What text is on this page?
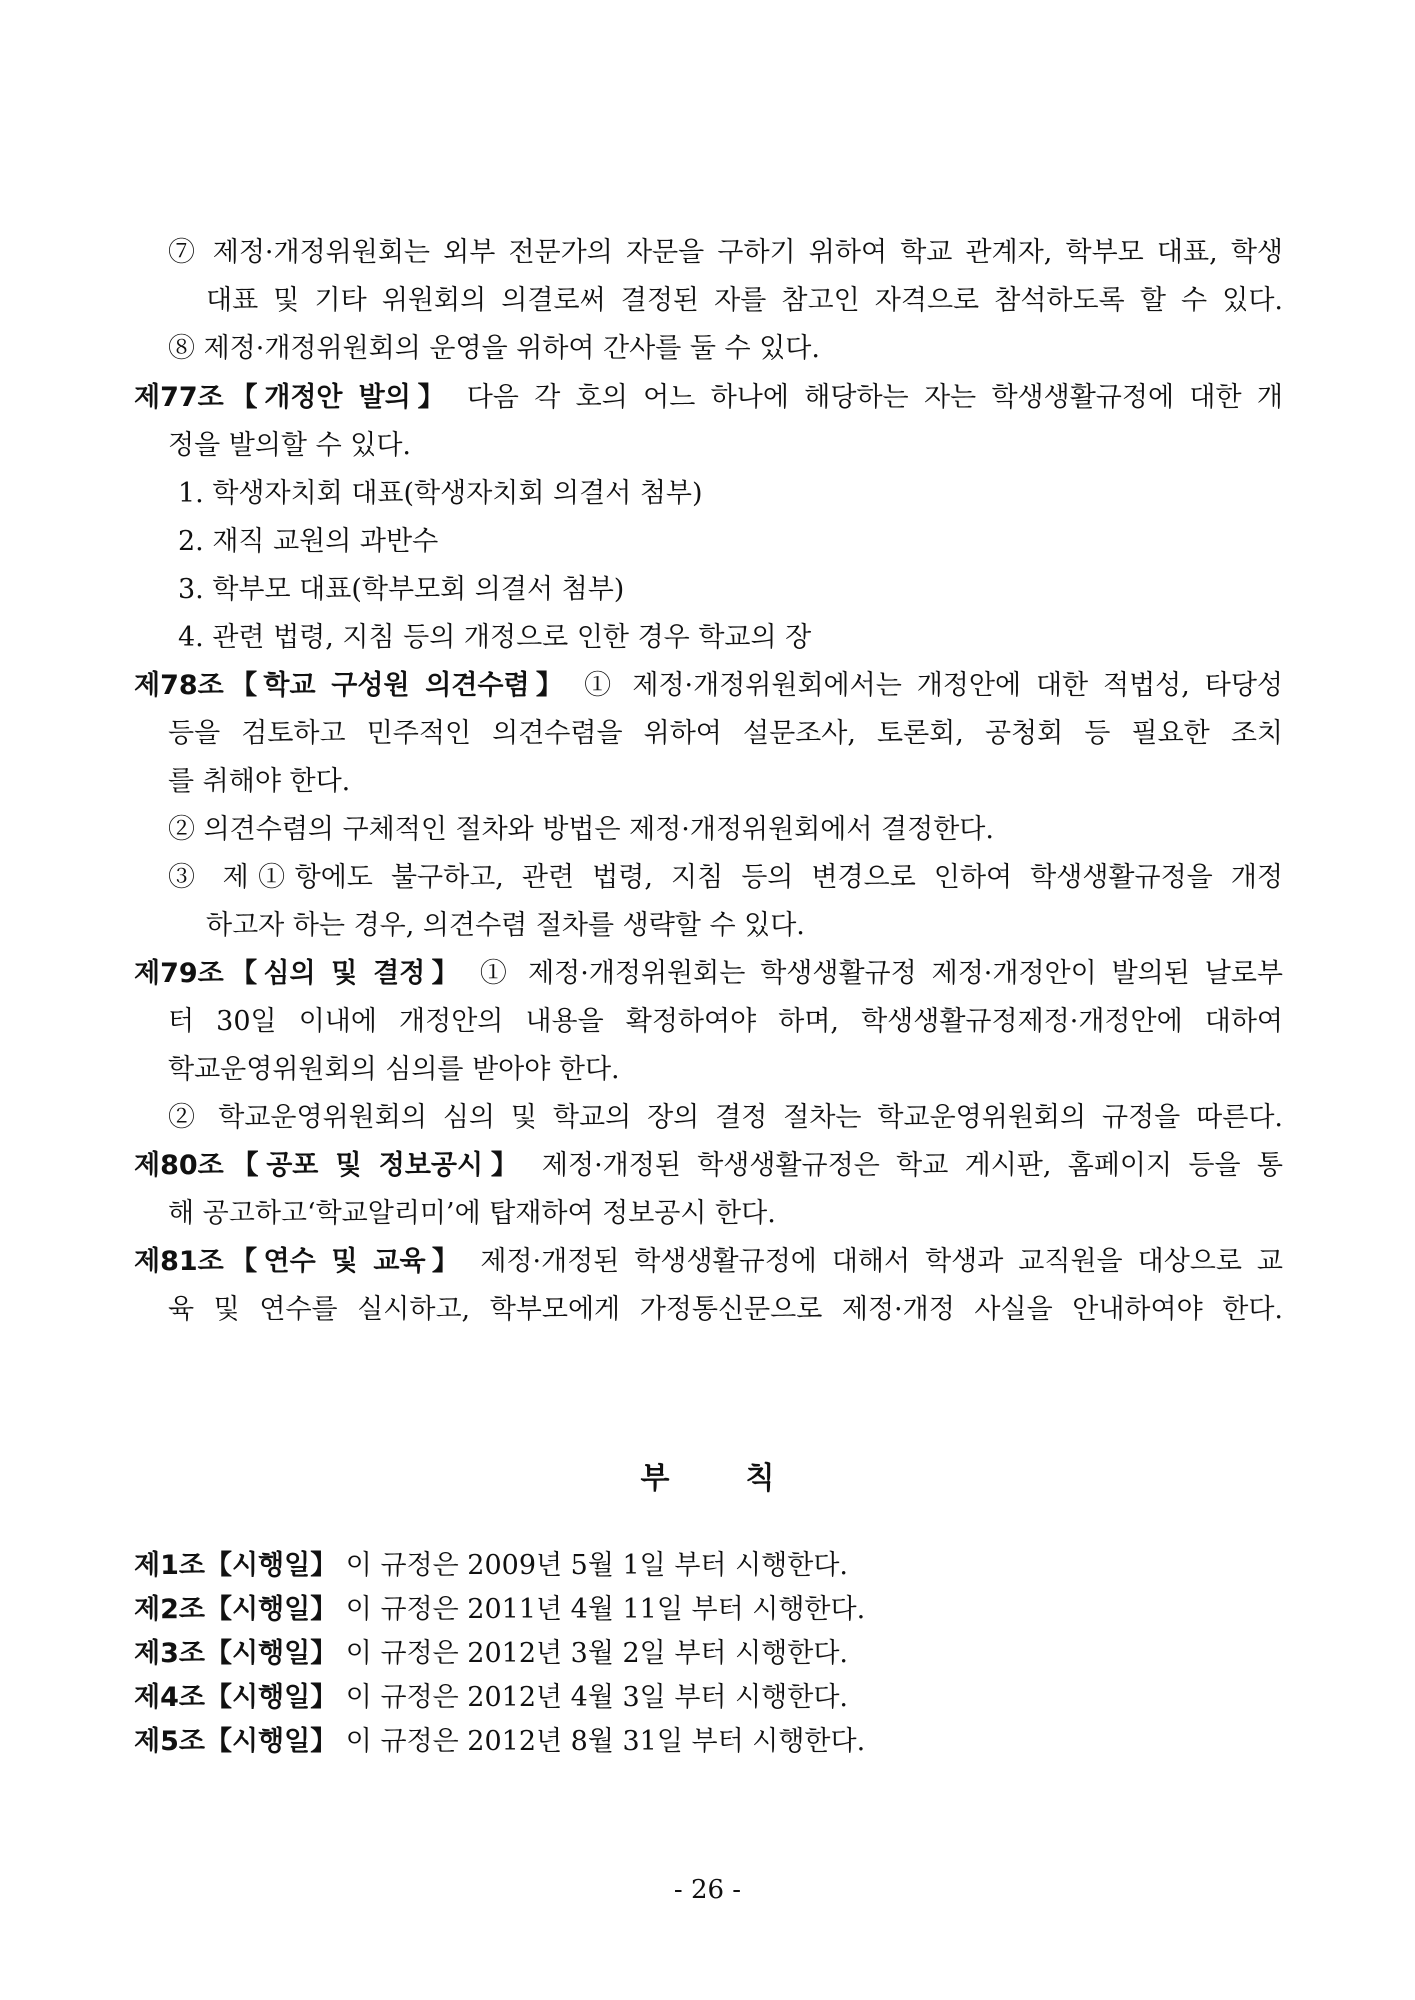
⑦ 제정·개정위원회는 외부 전문가의 자문을 구하기 위하여 학교 관계자, 학부모 대표, 학생
대표 및 기타 위원회의 의결로써 결정된 자를 참고인 자격으로 참석하도록 할 수 있다.
⑧ 제정·개정위원회의 운영을 위하여 간사를 둘 수 있다.
제77조【개정안 발의】 다음 각 호의 어느 하나에 해당하는 자는 학생생활규정에 대한 개
정을 발의할 수 있다.
1. 학생자치회 대표(학생자치회 의결서 첨부)
2. 재직 교원의 과반수
3. 학부모 대표(학부모회 의결서 첨부)
4. 관련 법령, 지침 등의 개정으로 인한 경우 학교의 장
제78조【학교 구성원 의견수렴】 ① 제정·개정위원회에서는 개정안에 대한 적법성, 타당성
등을 검토하고 민주적인 의견수렴을 위하여 설문조사, 토론회, 공청회 등 필요한 조치
를 취해야 한다.
② 의견수렴의 구체적인 절차와 방법은 제정·개정위원회에서 결정한다.
③ 제①항에도 불구하고, 관련 법령, 지침 등의 변경으로 인하여 학생생활규정을 개정
하고자 하는 경우, 의견수렴 절차를 생략할 수 있다.
제79조【심의 및 결정】 ① 제정·개정위원회는 학생생활규정 제정·개정안이 발의된 날로부
터 30일 이내에 개정안의 내용을 확정하여야 하며, 학생생활규정제정·개정안에 대하여
학교운영위원회의 심의를 받아야 한다.
② 학교운영위원회의 심의 및 학교의 장의 결정 절차는 학교운영위원회의 규정을 따른다.
제80조【공포 및 정보공시】 제정·개정된 학생생활규정은 학교 게시판, 홈페이지 등을 통
해 공고하고‘학교알리미’에 탑재하여 정보공시 한다.
제81조【연수 및 교육】 제정·개정된 학생생활규정에 대해서 학생과 교직원을 대상으로 교
육 및 연수를 실시하고, 학부모에게 가정통신문으로 제정·개정 사실을 안내하여야 한다.
부	칙
제1조【시행일】 이 규정은 2009년 5월 1일 부터 시행한다.
제2조【시행일】 이 규정은 2011년 4월 11일 부터 시행한다.
제3조【시행일】 이 규정은 2012년 3월 2일 부터 시행한다.
제4조【시행일】 이 규정은 2012년 4월 3일 부터 시행한다.
제5조【시행일】 이 규정은 2012년 8월 31일 부터 시행한다.
- 26 -
